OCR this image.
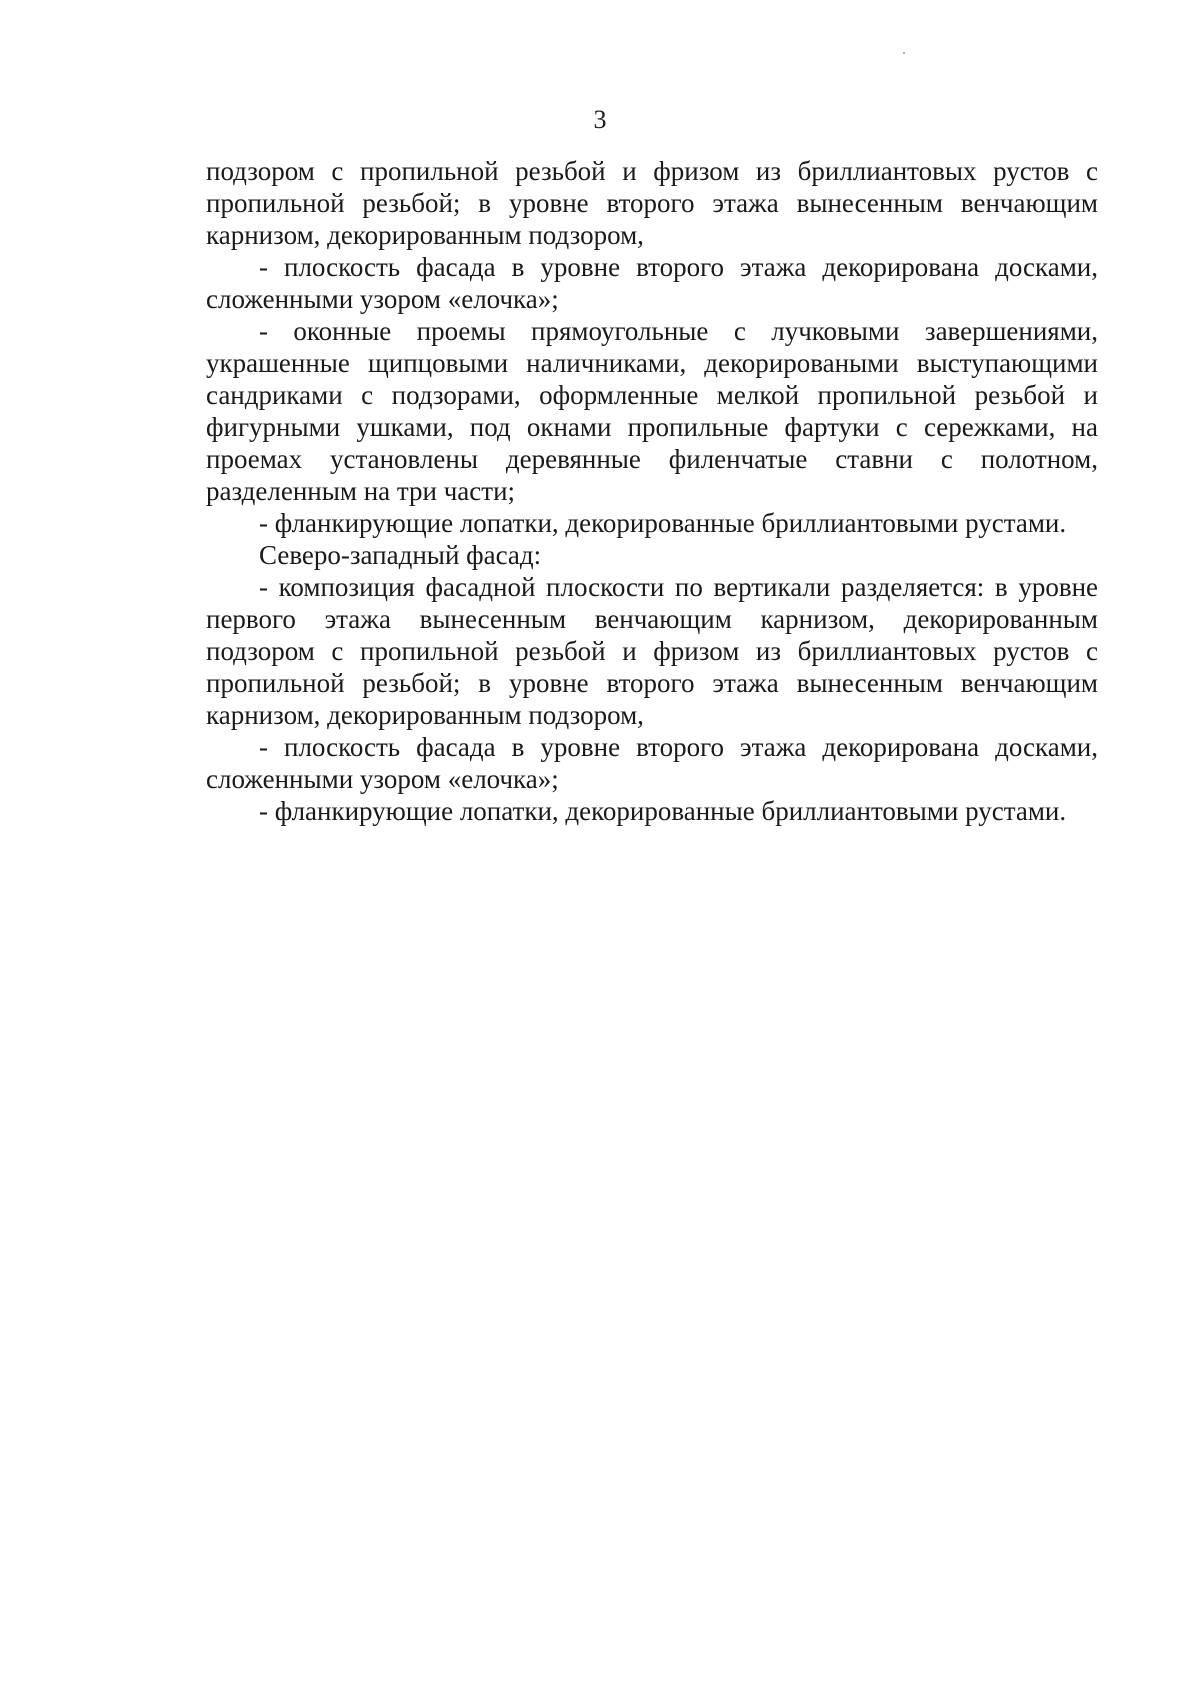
3

подзором с пропильной резьбой и фризом из бриллиантовых рустов с пропильной резьбой; в уровне второго этажа вынесенным венчающим карнизом, декорированным подзором,

- плоскость фасада в уровне второго этажа декорирована досками, сложенными узором «елочка»;

- оконные проемы прямоугольные с лучковыми завершениями, украшенные щипцовыми наличниками, декорироваными выступающими сандриками с подзорами, оформленные мелкой пропильной резьбой и фигурными ушками, под окнами пропильные фартуки с сережками, на проемах установлены деревянные филенчатые ставни с полотном, разделенным на три части;

- фланкирующие лопатки, декорированные бриллиантовыми рустами.

Северо-западный фасад:

- композиция фасадной плоскости по вертикали разделяется: в уровне первого этажа вынесенным венчающим карнизом, декорированным подзором с пропильной резьбой и фризом из бриллиантовых рустов с пропильной резьбой; в уровне второго этажа вынесенным венчающим карнизом, декорированным подзором,

- плоскость фасада в уровне второго этажа декорирована досками, сложенными узором «елочка»;

- фланкирующие лопатки, декорированные бриллиантовыми рустами.
